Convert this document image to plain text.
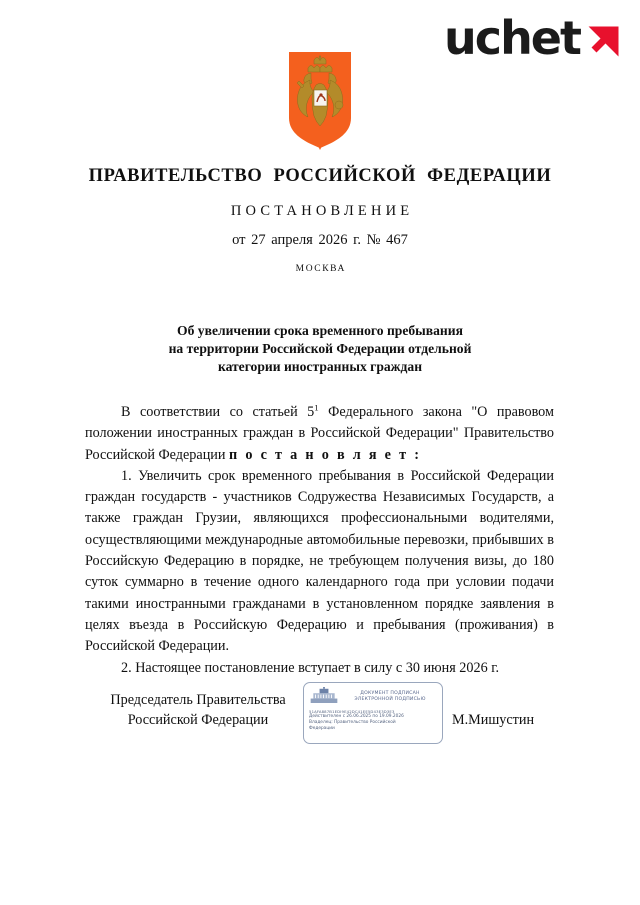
uchet
ПРАВИТЕЛЬСТВО РОССИЙСКОЙ ФЕДЕРАЦИИ
ПОСТАНОВЛЕНИЕ
от 27 апреля 2026 г. № 467
МОСКВА
Об увеличении срока временного пребывания
на территории Российской Федерации отдельной
категории иностранных граждан

В соответствии со статьей $5^1$ Федерального закона "О правовом положении иностранных граждан в Российской Федерации" Правительство Российской Федерации п о с т а н о в л я е т :

1. Увеличить срок временного пребывания в Российской Федерации граждан государств - участников Содружества Независимых Государств, а также граждан Грузии, являющихся профессиональными водителями, осуществляющими международные автомобильные перевозки, прибывших в Российскую Федерацию в порядке, не требующем получения визы, до 180 суток суммарно в течение одного календарного года при условии подачи такими иностранными гражданами в установленном порядке заявления в целях въезда в Российскую Федерацию и пребывания (проживания) в Российской Федерации.

2. Настоящее постановление вступает в силу с 30 июня 2026 г.

Председатель Правительства
Российской Федерации	М.Мишустин
ДОКУМЕНТ ПОДПИСАН
ЭЛЕКТРОННОЙ ПОДПИСЬЮ
51AFA887B1EDI9E42DC41EE5D43E3D3E3
Действителен с 26.06.2025 по 19.09.2026
Владелец: Правительство Российской
Федерации
